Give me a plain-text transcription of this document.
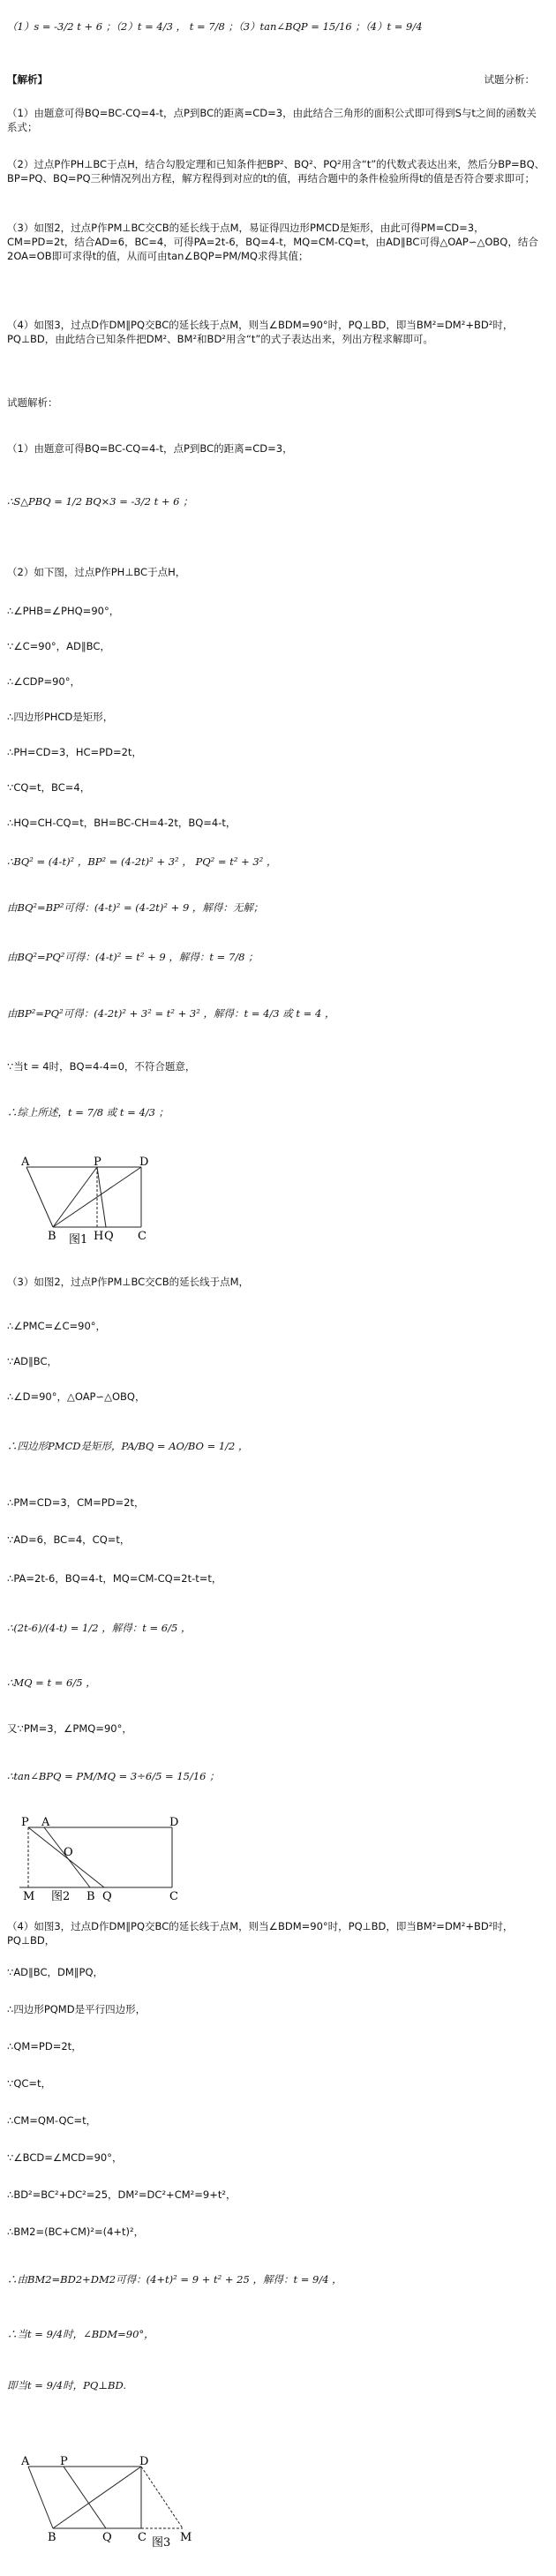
（1）s = -3/2 t + 6 ；（2）t = 4/3 ， t = 7/8 ；（3）tan∠BQP = 15/16 ；（4）t = 9/4
【解析】	试题分析：
（1）由题意可得BQ=BC-CQ=4-t，点P到BC的距离=CD=3，由此结合三角形的面积公式即可得到S与t之间的函数关系式；
（2）过点P作PH⊥BC于点H，结合勾股定理和已知条件把BP²、BQ²、PQ²用含“t”的代数式表达出来，然后分BP=BQ、BP=PQ、BQ=PQ三种情况列出方程，解方程得到对应的t的值，再结合题中的条件检验所得t的值是否符合要求即可；
（3）如图2，过点P作PM⊥BC交CB的延长线于点M，易证得四边形PMCD是矩形，由此可得PM=CD=3，CM=PD=2t，结合AD=6，BC=4，可得PA=2t-6，BQ=4-t，MQ=CM-CQ=t，由AD∥BC可得△OAP∽△OBQ，结合2OA=OB即可求得t的值，从而可由tan∠BQP=PM/MQ求得其值；
（4）如图3，过点D作DM∥PQ交BC的延长线于点M，则当∠BDM=90°时，PQ⊥BD，即当BM²=DM²+BD²时，PQ⊥BD，由此结合已知条件把DM²、BM²和BD²用含“t”的式子表达出来，列出方程求解即可。
试题解析：
（1）由题意可得BQ=BC-CQ=4-t，点P到BC的距离=CD=3，
∴S△PBQ = 1/2 BQ×3 = -3/2 t + 6 ；
（2）如下图，过点P作PH⊥BC于点H，
∴∠PHB=∠PHQ=90°，
∵∠C=90°，AD∥BC，
∴∠CDP=90°，
∴四边形PHCD是矩形，
∴PH=CD=3，HC=PD=2t，
∵CQ=t，BC=4，
∴HQ=CH-CQ=t，BH=BC-CH=4-2t，BQ=4-t，
∴BQ² = (4-t)² ，BP² = (4-2t)² + 3² ， PQ² = t² + 3² ，
由BQ²=BP²可得：(4-t)² = (4-2t)² + 9 ，解得：无解；
由BQ²=PQ²可得：(4-t)² = t² + 9 ，解得：t = 7/8 ；
由BP²=PQ²可得：(4-2t)² + 3² = t² + 3² ，解得：t = 4/3 或 t = 4 ，
∵当t = 4时，BQ=4-4=0，不符合题意，
∴综上所述，t = 7/8 或 t = 4/3 ；
A	P	D
B	H Q C
图1
（3）如图2，过点P作PM⊥BC交CB的延长线于点M，
∴∠PMC=∠C=90°，
∵AD∥BC，
∴∠D=90°，△OAP∽△OBQ，
∴四边形PMCD是矩形，PA/BQ = AO/BO = 1/2 ，
∴PM=CD=3，CM=PD=2t，
∵AD=6，BC=4，CQ=t，
∴PA=2t-6，BQ=4-t，MQ=CM-CQ=2t-t=t，
∴(2t-6)/(4-t) = 1/2 ，解得：t = 6/5 ，
∴MQ = t = 6/5 ，
又∵PM=3，∠PMQ=90°，
∴tan∠BPQ = PM/MQ = 3÷6/5 = 15/16 ；
P A	D
O
M	B Q	C
图2
（4）如图3，过点D作DM∥PQ交BC的延长线于点M，则当∠BDM=90°时，PQ⊥BD，即当BM²=DM²+BD²时，PQ⊥BD，
∵AD∥BC，DM∥PQ，
∴四边形PQMD是平行四边形，
∴QM=PD=2t，
∵QC=t，
∴CM=QM-QC=t，
∵∠BCD=∠MCD=90°，
∴BD²=BC²+DC²=25，DM²=DC²+CM²=9+t²，
∴BM2=(BC+CM)²=(4+t)²，
∴由BM2=BD2+DM2可得：(4+t)² = 9 + t² + 25 ，解得：t = 9/4 ，
∴当t = 9/4时，∠BDM=90°，
即当t = 9/4时，PQ⊥BD.
A	P	D
B	Q C	M
图3
